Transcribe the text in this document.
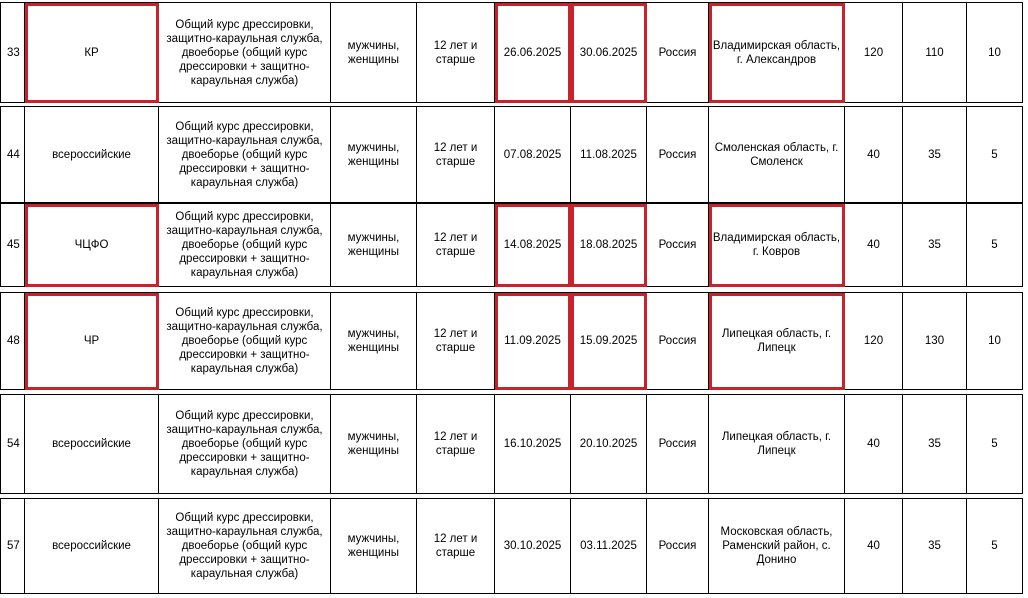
33	КР	Общий курс дрессировки, защитно-караульная служба, двоеборье (общий курс дрессировки + защитно-караульная служба)	мужчины, женщины	12 лет и старше	26.06.2025	30.06.2025	Россия	Владимирская область, г. Александров	120	110	10
44	всероссийские	Общий курс дрессировки, защитно-караульная служба, двоеборье (общий курс дрессировки + защитно-караульная служба)	мужчины, женщины	12 лет и старше	07.08.2025	11.08.2025	Россия	Смоленская область, г. Смоленск	40	35	5
45	ЧЦФО	Общий курс дрессировки, защитно-караульная служба, двоеборье (общий курс дрессировки + защитно-караульная служба)	мужчины, женщины	12 лет и старше	14.08.2025	18.08.2025	Россия	Владимирская область, г. Ковров	40	35	5
48	ЧР	Общий курс дрессировки, защитно-караульная служба, двоеборье (общий курс дрессировки + защитно-караульная служба)	мужчины, женщины	12 лет и старше	11.09.2025	15.09.2025	Россия	Липецкая область, г. Липецк	120	130	10
54	всероссийские	Общий курс дрессировки, защитно-караульная служба, двоеборье (общий курс дрессировки + защитно-караульная служба)	мужчины, женщины	12 лет и старше	16.10.2025	20.10.2025	Россия	Липецкая область, г. Липецк	40	35	5
57	всероссийские	Общий курс дрессировки, защитно-караульная служба, двоеборье (общий курс дрессировки + защитно-караульная служба)	мужчины, женщины	12 лет и старше	30.10.2025	03.11.2025	Россия	Московская область, Раменский район, с. Донино	40	35	5
